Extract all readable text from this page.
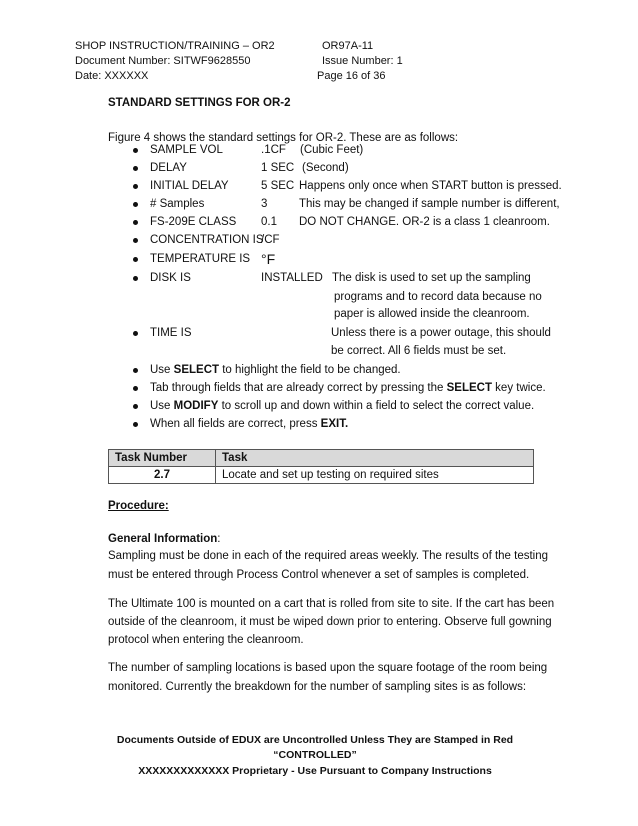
SHOP INSTRUCTION/TRAINING – OR2	OR97A-11
Document Number: SITWF9628550	Issue Number: 1
Date: XXXXXX	Page 16 of 36
STANDARD SETTINGS FOR OR-2
Figure 4 shows the standard settings for OR-2. These are as follows:
SAMPLE VOL	.1CF (Cubic Feet)
DELAY	1 SEC (Second)
INITIAL DELAY	5 SEC Happens only once when START button is pressed.
# Samples	3	This may be changed if sample number is different,
FS-209E CLASS 0.1 DO NOT CHANGE. OR-2 is a class 1 cleanroom.
CONCENTRATION IS
/CF
TEMPERATURE IS °F
DISK IS	INSTALLED The disk is used to set up the sampling
programs and to record data because no
paper is allowed inside the cleanroom.
TIME IS	Unless there is a power outage, this should
be correct. All 6 fields must be set.
Use SELECT to highlight the field to be changed.
Tab through fields that are already correct by pressing the SELECT key twice.
Use MODIFY to scroll up and down within a field to select the correct value.
When all fields are correct, press EXIT.
Task Number	Task
2.7	Locate and set up testing on required sites
Procedure:
General Information:
Sampling must be done in each of the required areas weekly. The results of the testing
must be entered through Process Control whenever a set of samples is completed.
The Ultimate 100 is mounted on a cart that is rolled from site to site. If the cart has been
outside of the cleanroom, it must be wiped down prior to entering. Observe full gowning
protocol when entering the cleanroom.
The number of sampling locations is based upon the square footage of the room being
monitored. Currently the breakdown for the number of sampling sites is as follows:
Documents Outside of EDUX are Uncontrolled Unless They are Stamped in Red
“CONTROLLED”
XXXXXXXXXXXXX Proprietary - Use Pursuant to Company Instructions
